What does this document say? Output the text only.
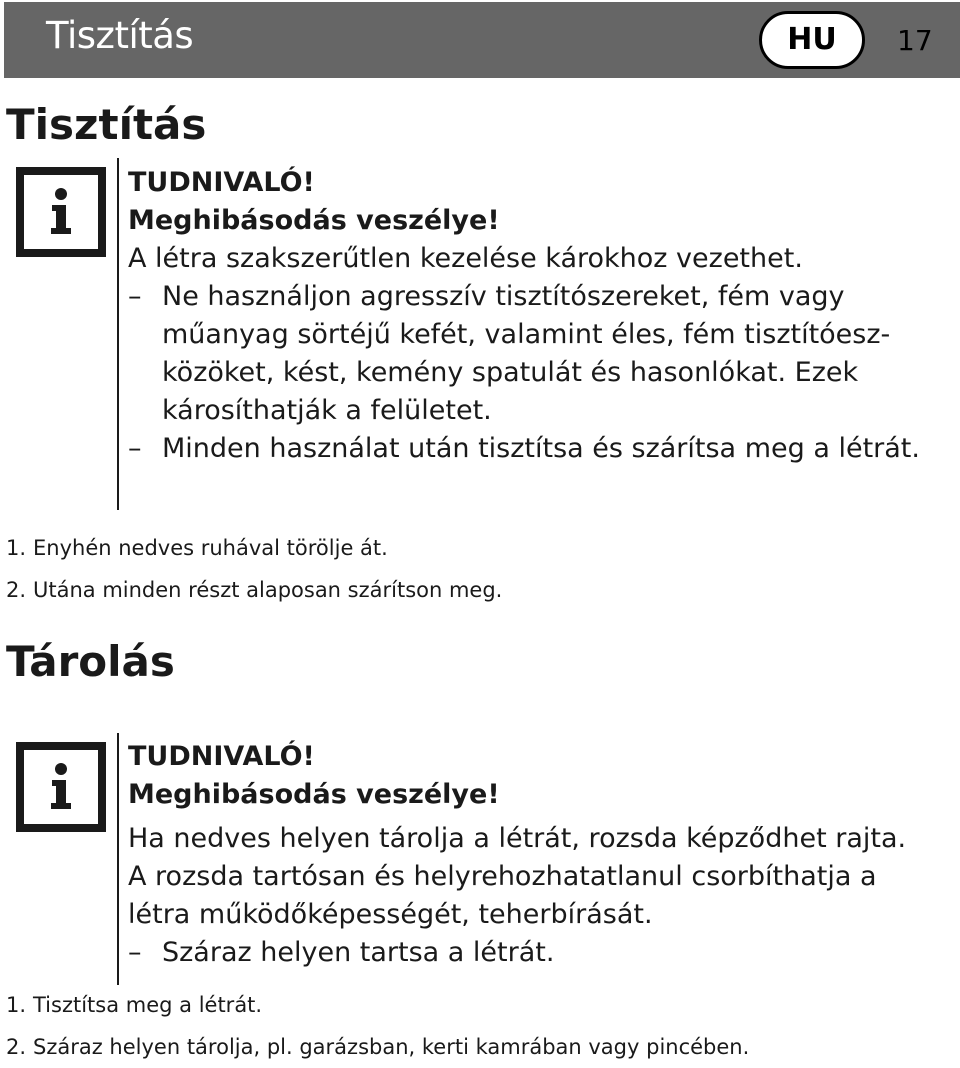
Tisztítás	HU	17
Tisztítás
TUDNIVALÓ!
Meghibásodás veszélye!
A létra szakszerűtlen kezelése károkhoz vezethet.
– Ne használjon agresszív tisztítószereket, fém vagy műanyag sörtéjű kefét, valamint éles, fém tisztítóeszközöket, kést, kemény spatulát és hasonlókat. Ezek károsíthatják a felületet.
– Minden használat után tisztítsa és szárítsa meg a létrát.
1. Enyhén nedves ruhával törölje át.
2. Utána minden részt alaposan szárítson meg.
Tárolás
TUDNIVALÓ!
Meghibásodás veszélye!
Ha nedves helyen tárolja a létrát, rozsda képződhet rajta. A rozsda tartósan és helyrehozhatatlanul csorbíthatja a létra működőképességét, teherbírását.
– Száraz helyen tartsa a létrát.
1. Tisztítsa meg a létrát.
2. Száraz helyen tárolja, pl. garázsban, kerti kamrában vagy pincében.
